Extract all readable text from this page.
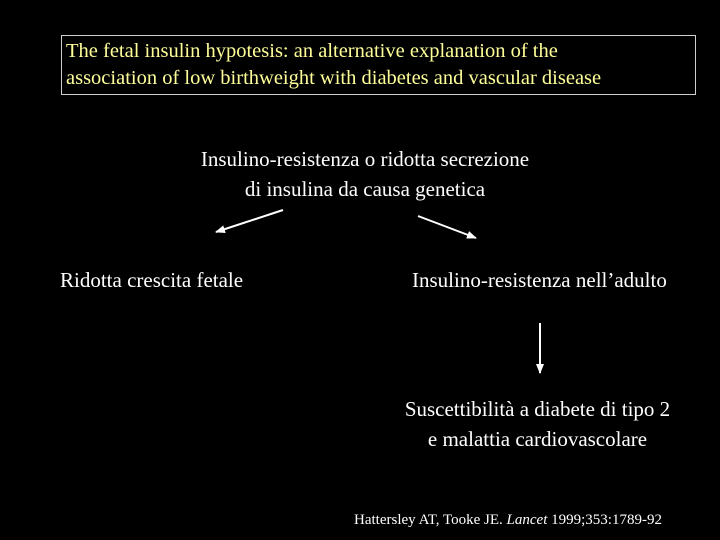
The fetal insulin hypotesis: an alternative explanation of the
association of low birthweight with diabetes and vascular disease
Insulino-resistenza o ridotta secrezione
di insulina da causa genetica
Ridotta crescita fetale	Insulino-resistenza nell’adulto
Suscettibilità a diabete di tipo 2
e malattia cardiovascolare
Hattersley AT, Tooke JE. Lancet 1999;353:1789-92
